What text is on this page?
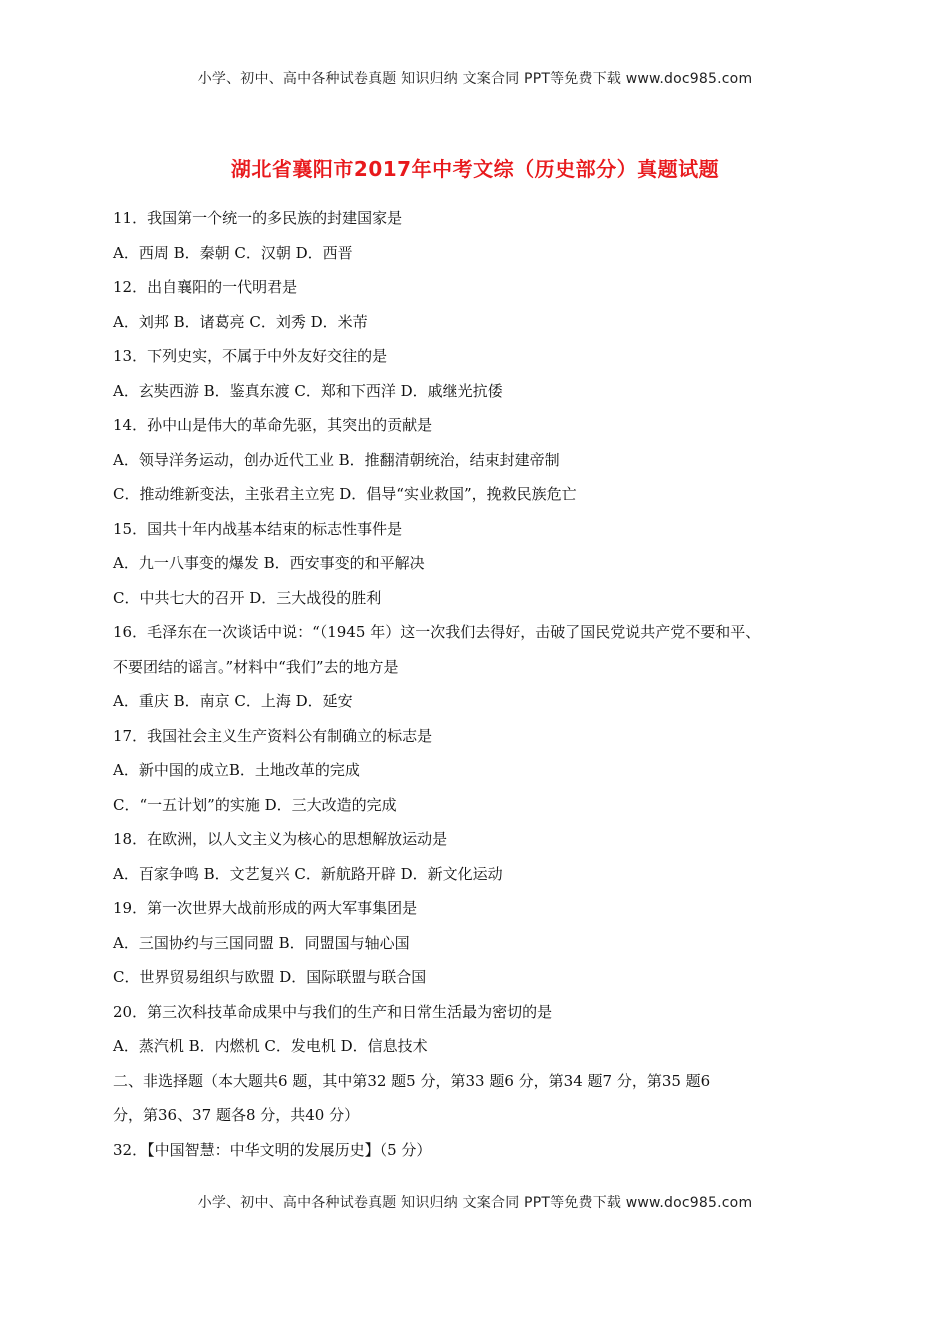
小学、初中、高中各种试卷真题 知识归纳 文案合同 PPT等免费下载 www.doc985.com
湖北省襄阳市2017年中考文综（历史部分）真题试题
11．我国第一个统一的多民族的封建国家是
A．西周 B．秦朝 C．汉朝 D．西晋
12．出自襄阳的一代明君是
A．刘邦 B．诸葛亮 C．刘秀 D．米芾
13．下列史实，不属于中外友好交往的是
A．玄奘西游 B．鉴真东渡 C．郑和下西洋 D．戚继光抗倭
14．孙中山是伟大的革命先驱，其突出的贡献是
A．领导洋务运动，创办近代工业 B．推翻清朝统治，结束封建帝制
C．推动维新变法，主张君主立宪 D．倡导“实业救国”，挽救民族危亡
15．国共十年内战基本结束的标志性事件是
A．九一八事变的爆发 B．西安事变的和平解决
C．中共七大的召开 D．三大战役的胜利
16．毛泽东在一次谈话中说：“（1945 年）这一次我们去得好，击破了国民党说共产党不要和平、
不要团结的谣言。”材料中“我们”去的地方是
A．重庆 B．南京 C．上海 D．延安
17．我国社会主义生产资料公有制确立的标志是
A．新中国的成立B．土地改革的完成
C．“一五计划”的实施 D．三大改造的完成
18．在欧洲，以人文主义为核心的思想解放运动是
A．百家争鸣 B．文艺复兴 C．新航路开辟 D．新文化运动
19．第一次世界大战前形成的两大军事集团是
A．三国协约与三国同盟 B．同盟国与轴心国
C．世界贸易组织与欧盟 D．国际联盟与联合国
20．第三次科技革命成果中与我们的生产和日常生活最为密切的是
A．蒸汽机 B．内燃机 C．发电机 D．信息技术
二、非选择题（本大题共6 题，其中第32 题5 分，第33 题6 分，第34 题7 分，第35 题6
分，第36、37 题各8 分，共40 分）
32．【中国智慧：中华文明的发展历史】（5 分）
小学、初中、高中各种试卷真题 知识归纳 文案合同 PPT等免费下载 www.doc985.com
